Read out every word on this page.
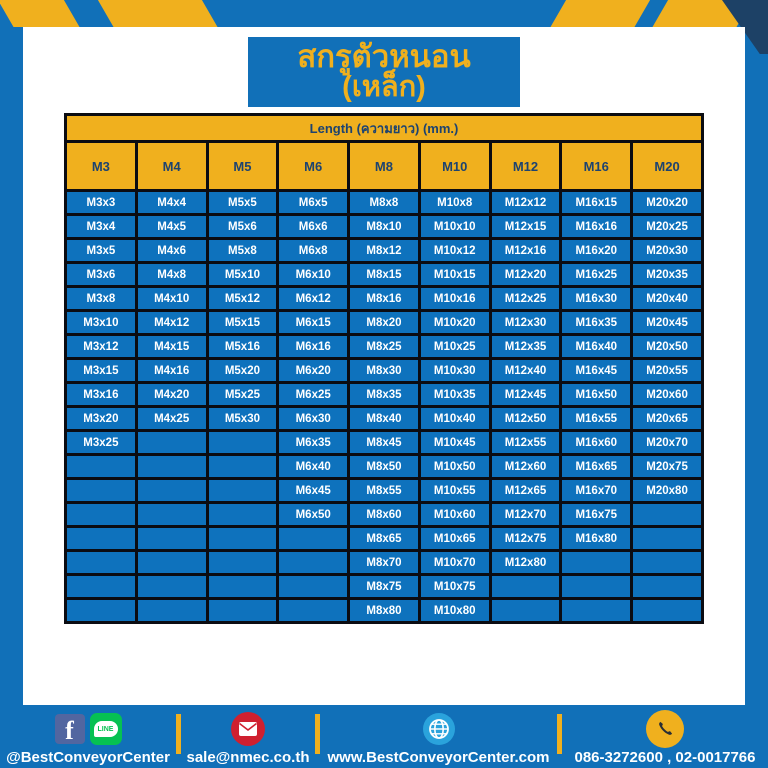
สกรูตัวหนอน
(เหล็ก)
Length (ความยาว) (mm.)								
M3	M4	M5	M6	M8	M10	M12	M16	M20
M3x3	M4x4	M5x5	M6x5	M8x8	M10x8	M12x12	M16x15	M20x20
M3x4	M4x5	M5x6	M6x6	M8x10	M10x10	M12x15	M16x16	M20x25
M3x5	M4x6	M5x8	M6x8	M8x12	M10x12	M12x16	M16x20	M20x30
M3x6	M4x8	M5x10	M6x10	M8x15	M10x15	M12x20	M16x25	M20x35
M3x8	M4x10	M5x12	M6x12	M8x16	M10x16	M12x25	M16x30	M20x40
M3x10	M4x12	M5x15	M6x15	M8x20	M10x20	M12x30	M16x35	M20x45
M3x12	M4x15	M5x16	M6x16	M8x25	M10x25	M12x35	M16x40	M20x50
M3x15	M4x16	M5x20	M6x20	M8x30	M10x30	M12x40	M16x45	M20x55
M3x16	M4x20	M5x25	M6x25	M8x35	M10x35	M12x45	M16x50	M20x60
M3x20	M4x25	M5x30	M6x30	M8x40	M10x40	M12x50	M16x55	M20x65
M3x25			M6x35	M8x45	M10x45	M12x55	M16x60	M20x70
			M6x40	M8x50	M10x50	M12x60	M16x65	M20x75
			M6x45	M8x55	M10x55	M12x65	M16x70	M20x80
			M6x50	M8x60	M10x60	M12x70	M16x75	
				M8x65	M10x65	M12x75	M16x80	
				M8x70	M10x70	M12x80		
				M8x75	M10x75			
				M8x80	M10x80			
f	LINE
@BestConveyorCenter sale@nmec.co.th www.BestConveyorCenter.com 086-3272600 , 02-0017766
